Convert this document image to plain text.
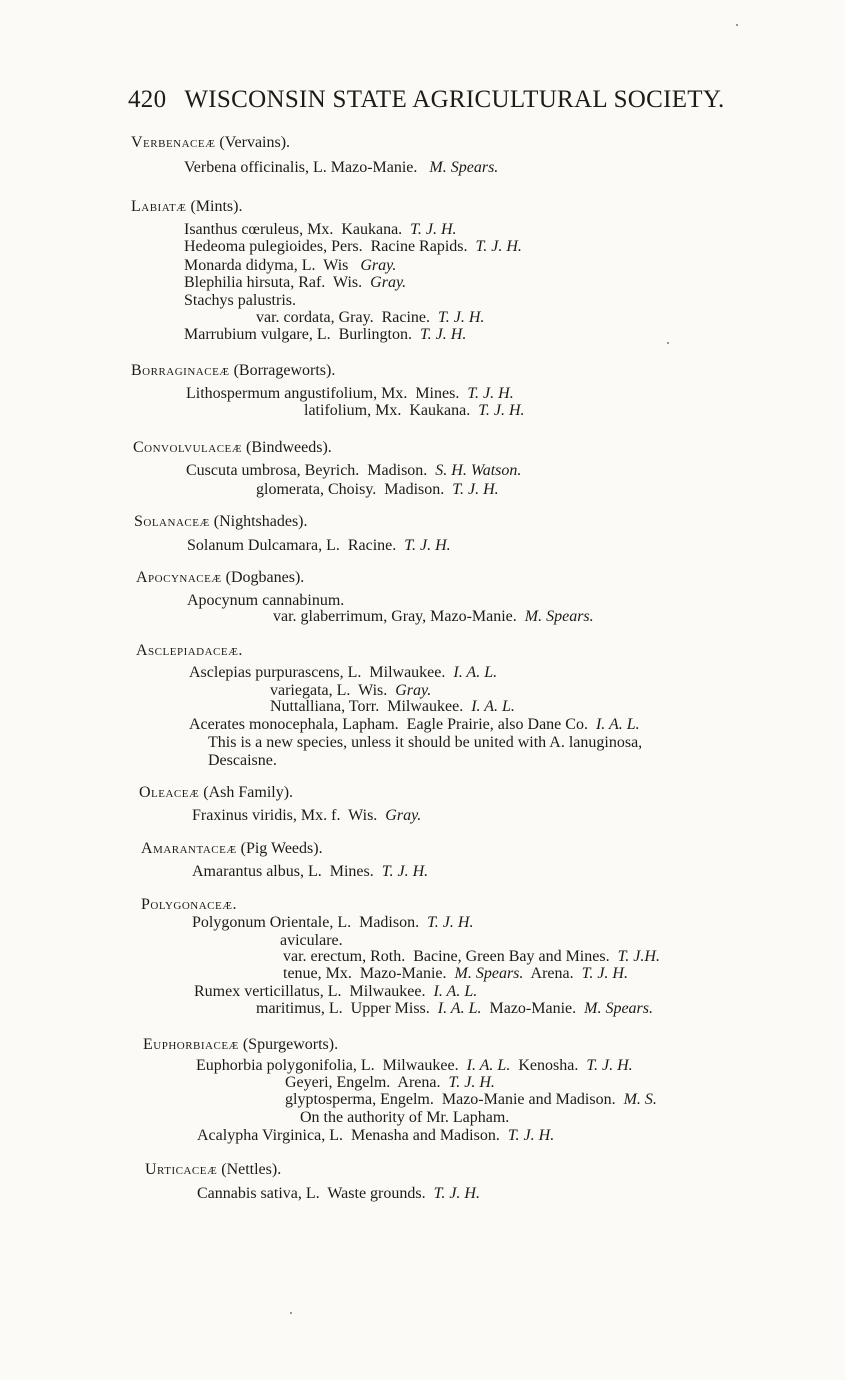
420 WISCONSIN STATE AGRICULTURAL SOCIETY.
Verbenaceæ (Vervains).
Verbena officinalis, L. Mazo-Manie.   M. Spears.
Labiatæ (Mints).
Isanthus cœruleus, Mx.  Kaukana.  T. J. H.
Hedeoma pulegioides, Pers.  Racine Rapids.  T. J. H.
Monarda didyma, L.  Wis   Gray.
Blephilia hirsuta, Raf.  Wis.  Gray.
Stachys palustris.
var. cordata, Gray.  Racine.  T. J. H.
Marrubium vulgare, L.  Burlington.  T. J. H.
Borraginaceæ (Borrageworts).
Lithospermum angustifolium, Mx.  Mines.  T. J. H.
latifolium, Mx.  Kaukana.  T. J. H.
Convolvulaceæ (Bindweeds).
Cuscuta umbrosa, Beyrich.  Madison.  S. H. Watson.
glomerata, Choisy.  Madison.  T. J. H.
Solanaceæ (Nightshades).
Solanum Dulcamara, L.  Racine.  T. J. H.
Apocynaceæ (Dogbanes).
Apocynum cannabinum.
var. glaberrimum, Gray, Mazo-Manie.  M. Spears.
Asclepiadaceæ.
Asclepias purpurascens, L.  Milwaukee.  I. A. L.
variegata, L.  Wis.  Gray.
Nuttalliana, Torr.  Milwaukee.  I. A. L.
Acerates monocephala, Lapham.  Eagle Prairie, also Dane Co.  I. A. L.
This is a new species, unless it should be united with A. lanuginosa,
Descaisne.
Oleaceæ (Ash Family).
Fraxinus viridis, Mx. f.  Wis.  Gray.
Amarantaceæ (Pig Weeds).
Amarantus albus, L.  Mines.  T. J. H.
Polygonaceæ.
Polygonum Orientale, L.  Madison.  T. J. H.
aviculare.
var. erectum, Roth.  Bacine, Green Bay and Mines.  T. J.H.
tenue, Mx.  Mazo-Manie.  M. Spears.  Arena.  T. J. H.
Rumex verticillatus, L.  Milwaukee.  I. A. L.
maritimus, L.  Upper Miss.  I. A. L.  Mazo-Manie.  M. Spears.
Euphorbiaceæ (Spurgeworts).
Euphorbia polygonifolia, L.  Milwaukee.  I. A. L.  Kenosha.  T. J. H.
Geyeri, Engelm.  Arena.  T. J. H.
glyptosperma, Engelm.  Mazo-Manie and Madison.  M. S.
On the authority of Mr. Lapham.
Acalypha Virginica, L.  Menasha and Madison.  T. J. H.
Urticaceæ (Nettles).
Cannabis sativa, L.  Waste grounds.  T. J. H.
